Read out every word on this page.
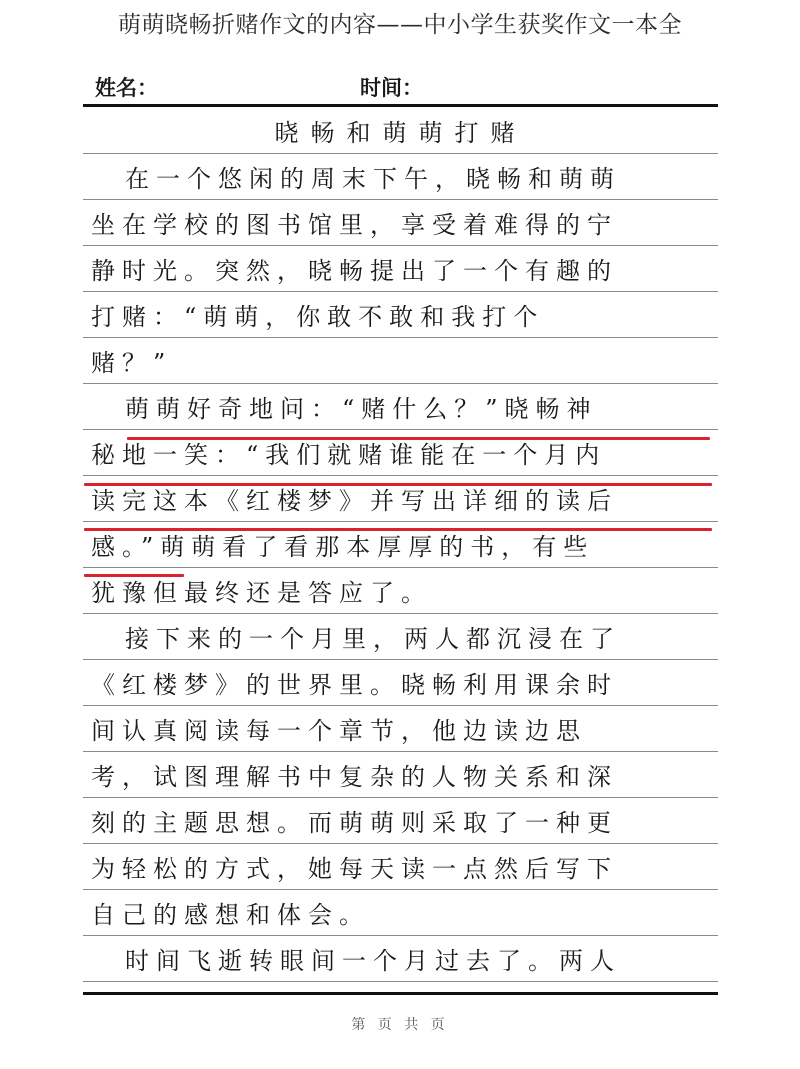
萌萌晓畅折赌作文的内容——中小学生获奖作文一本全
姓名：	时间：
晓畅和萌萌打赌
在一个悠闲的周末下午，晓畅和萌萌
坐在学校的图书馆里，享受着难得的宁
静时光。突然，晓畅提出了一个有趣的
打赌：“萌萌，你敢不敢和我打个
赌？”
萌萌好奇地问：“赌什么？”晓畅神
秘地一笑：“我们就赌谁能在一个月内
读完这本《红楼梦》并写出详细的读后
感。”萌萌看了看那本厚厚的书，有些
犹豫但最终还是答应了。
接下来的一个月里，两人都沉浸在了
《红楼梦》的世界里。晓畅利用课余时
间认真阅读每一个章节，他边读边思
考，试图理解书中复杂的人物关系和深
刻的主题思想。而萌萌则采取了一种更
为轻松的方式，她每天读一点然后写下
自己的感想和体会。
时间飞逝转眼间一个月过去了。两人
第 页 共 页
